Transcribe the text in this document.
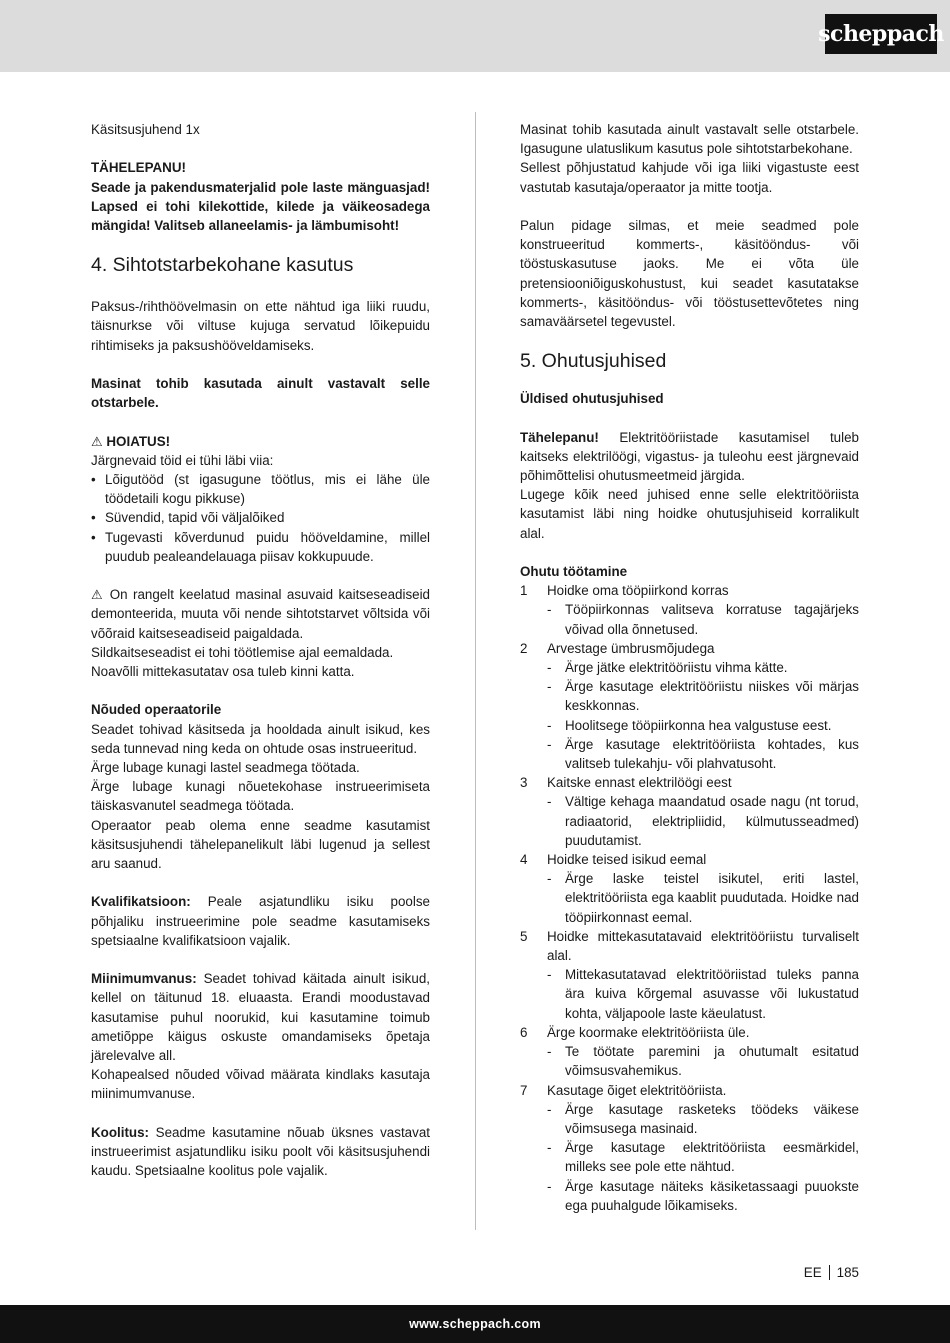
scheppach

Käsitsusjuhend 1x

TÄHELEPANU!

Seade ja pakendusmaterjalid pole laste mänguasjad! Lapsed ei tohi kilekottide, kilede ja väikeosadega mängida! Valitseb allaneelamis- ja lämbumisoht!

4. Sihtotstarbekohane kasutus

Paksus-/rihthöövelmasin on ette nähtud iga liiki ruudu, täisnurkse või viltuse kujuga servatud lõikepuidu rihtimiseks ja paksushööveldamiseks.

Masinat tohib kasutada ainult vastavalt selle otstarbele.

⚠ HOIATUS!

Järgnevaid töid ei tühi läbi viia:

• Lõigutööd (st igasugune töötlus, mis ei lähe üle töödetaili kogu pikkuse)
• Süvendid, tapid või väljalõiked
• Tugevasti kõverdunud puidu hööveldamine, millel puudub pealeandelauaga piisav kokkupuude.

⚠ On rangelt keelatud masinal asuvaid kaitseseadiseid demonteerida, muuta või nende sihtotstarvet võltsida või võõraid kaitseseadiseid paigaldada.

Sildkaitseseadist ei tohi töötlemise ajal eemaldada.

Noavõlli mittekasutatav osa tuleb kinni katta.

Nõuded operaatorile

Seadet tohivad käsitseda ja hooldada ainult isikud, kes seda tunnevad ning keda on ohtude osas instrueeritud.

Ärge lubage kunagi lastel seadmega töötada.

Ärge lubage kunagi nõuetekohase instrueerimiseta täiskasvanutel seadmega töötada.

Operaator peab olema enne seadme kasutamist käsitsusjuhendi tähelepanelikult läbi lugenud ja sellest aru saanud.

Kvalifikatsioon: Peale asjatundliku isiku poolse põhjaliku instrueerimine pole seadme kasutamiseks spetsiaalne kvalifikatsioon vajalik.

Miinimumvanus: Seadet tohivad käitada ainult isikud, kellel on täitunud 18. eluaasta. Erandi moodustavad kasutamise puhul noorukid, kui kasutamine toimub ametiõppe käigus oskuste omandamiseks õpetaja järelevalve all.

Kohapealsed nõuded võivad määrata kindlaks kasutaja miinimumvanuse.

Koolitus: Seadme kasutamine nõuab üksnes vastavat instrueerimist asjatundliku isiku poolt või käsitsusjuhendi kaudu. Spetsiaalne koolitus pole vajalik.

Masinat tohib kasutada ainult vastavalt selle otstarbele. Igasugune ulatuslikum kasutus pole sihtotstarbekohane.

Sellest põhjustatud kahjude või iga liiki vigastuste eest vastutab kasutaja/operaator ja mitte tootja.

Palun pidage silmas, et meie seadmed pole konstrueeritud kommerts-, käsitööndus- või tööstuskasutuse jaoks. Me ei võta üle pretensiooniõiguskohustust, kui seadet kasutatakse kommerts-, käsitööndus- või tööstusettevõtetes ning samaväärsetel tegevustel.

5. Ohutusjuhised

Üldised ohutusjuhised

Tähelepanu! Elektritööriistade kasutamisel tuleb kaitseks elektrilöögi, vigastus- ja tuleohu eest järgnevaid põhimõttelisi ohutusmeetmeid järgida.

Lugege kõik need juhised enne selle elektritööriista kasutamist läbi ning hoidke ohutusjuhiseid korralikult alal.

Ohutu töötamine

1	Hoidke oma tööpiirkond korras
-	Tööpiirkonnas valitseva korratuse tagajärjeks võivad olla õnnetused.
2	Arvestage ümbrusmõjudega
-	Ärge jätke elektritööriistu vihma kätte.
-	Ärge kasutage elektritööriistu niiskes või märjas keskkonnas.
-	Hoolitsege tööpiirkonna hea valgustuse eest.
-	Ärge kasutage elektritööriista kohtades, kus valitseb tulekahju- või plahvatusoht.
3	Kaitske ennast elektrilöögi eest
-	Vältige kehaga maandatud osade nagu (nt torud, radiaatorid, elektripliidid, külmutusseadmed) puudutamist.
4	Hoidke teised isikud eemal
-	Ärge laske teistel isikutel, eriti lastel, elektritööriista ega kaablit puudutada. Hoidke nad tööpiirkonnast eemal.
5	Hoidke mittekasutatavaid elektritööriistu turvaliselt alal.
-	Mittekasutatavad elektritööriistad tuleks panna ära kuiva kõrgemal asuvasse või lukustatud kohta, väljapoole laste käeulatust.
6	Ärge koormake elektritööriista üle.
-	Te töötate paremini ja ohutumalt esitatud võimsusvahemikus.
7	Kasutage õiget elektritööriista.
-	Ärge kasutage rasketeks töödeks väikese võimsusega masinaid.
-	Ärge kasutage elektritööriista eesmärkidel, milleks see pole ette nähtud.
-	Ärge kasutage näiteks käsiketassaagi puuokste ega puuhalgude lõikamiseks.
EE 185
www.scheppach.com
